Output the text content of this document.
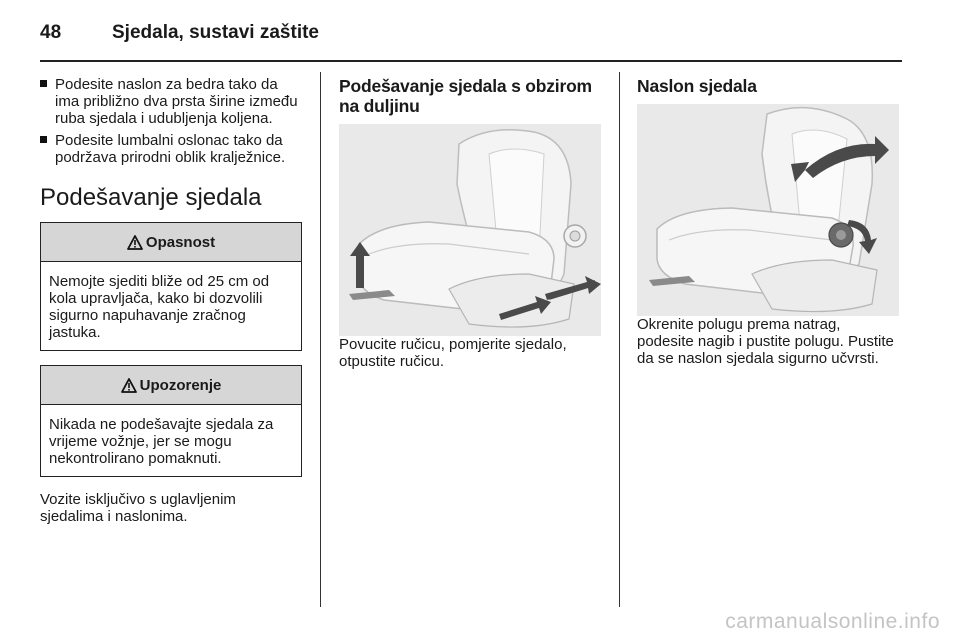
48	Sjedala, sustavi zaštite
Podesite naslon za bedra tako da ima približno dva prsta širine između ruba sjedala i udubljenja koljena.
Podesite lumbalni oslonac tako da podržava prirodni oblik kralježnice.
Podešavanje sjedala
Opasnost
Nemojte sjediti bliže od 25 cm od kola upravljača, kako bi dozvolili sigurno napuhavanje zračnog jastuka.
Upozorenje
Nikada ne podešavajte sjedala za vrijeme vožnje, jer se mogu nekontrolirano pomaknuti.

Vozite isključivo s uglavljenim sjedalima i naslonima.

Podešavanje sjedala s obzirom na duljinu

Povucite ručicu, pomjerite sjedalo, otpustite ručicu.

Naslon sjedala

Okrenite polugu prema natrag, podesite nagib i pustite polugu. Pustite da se naslon sjedala sigurno učvrsti.

carmanualsonline.info
